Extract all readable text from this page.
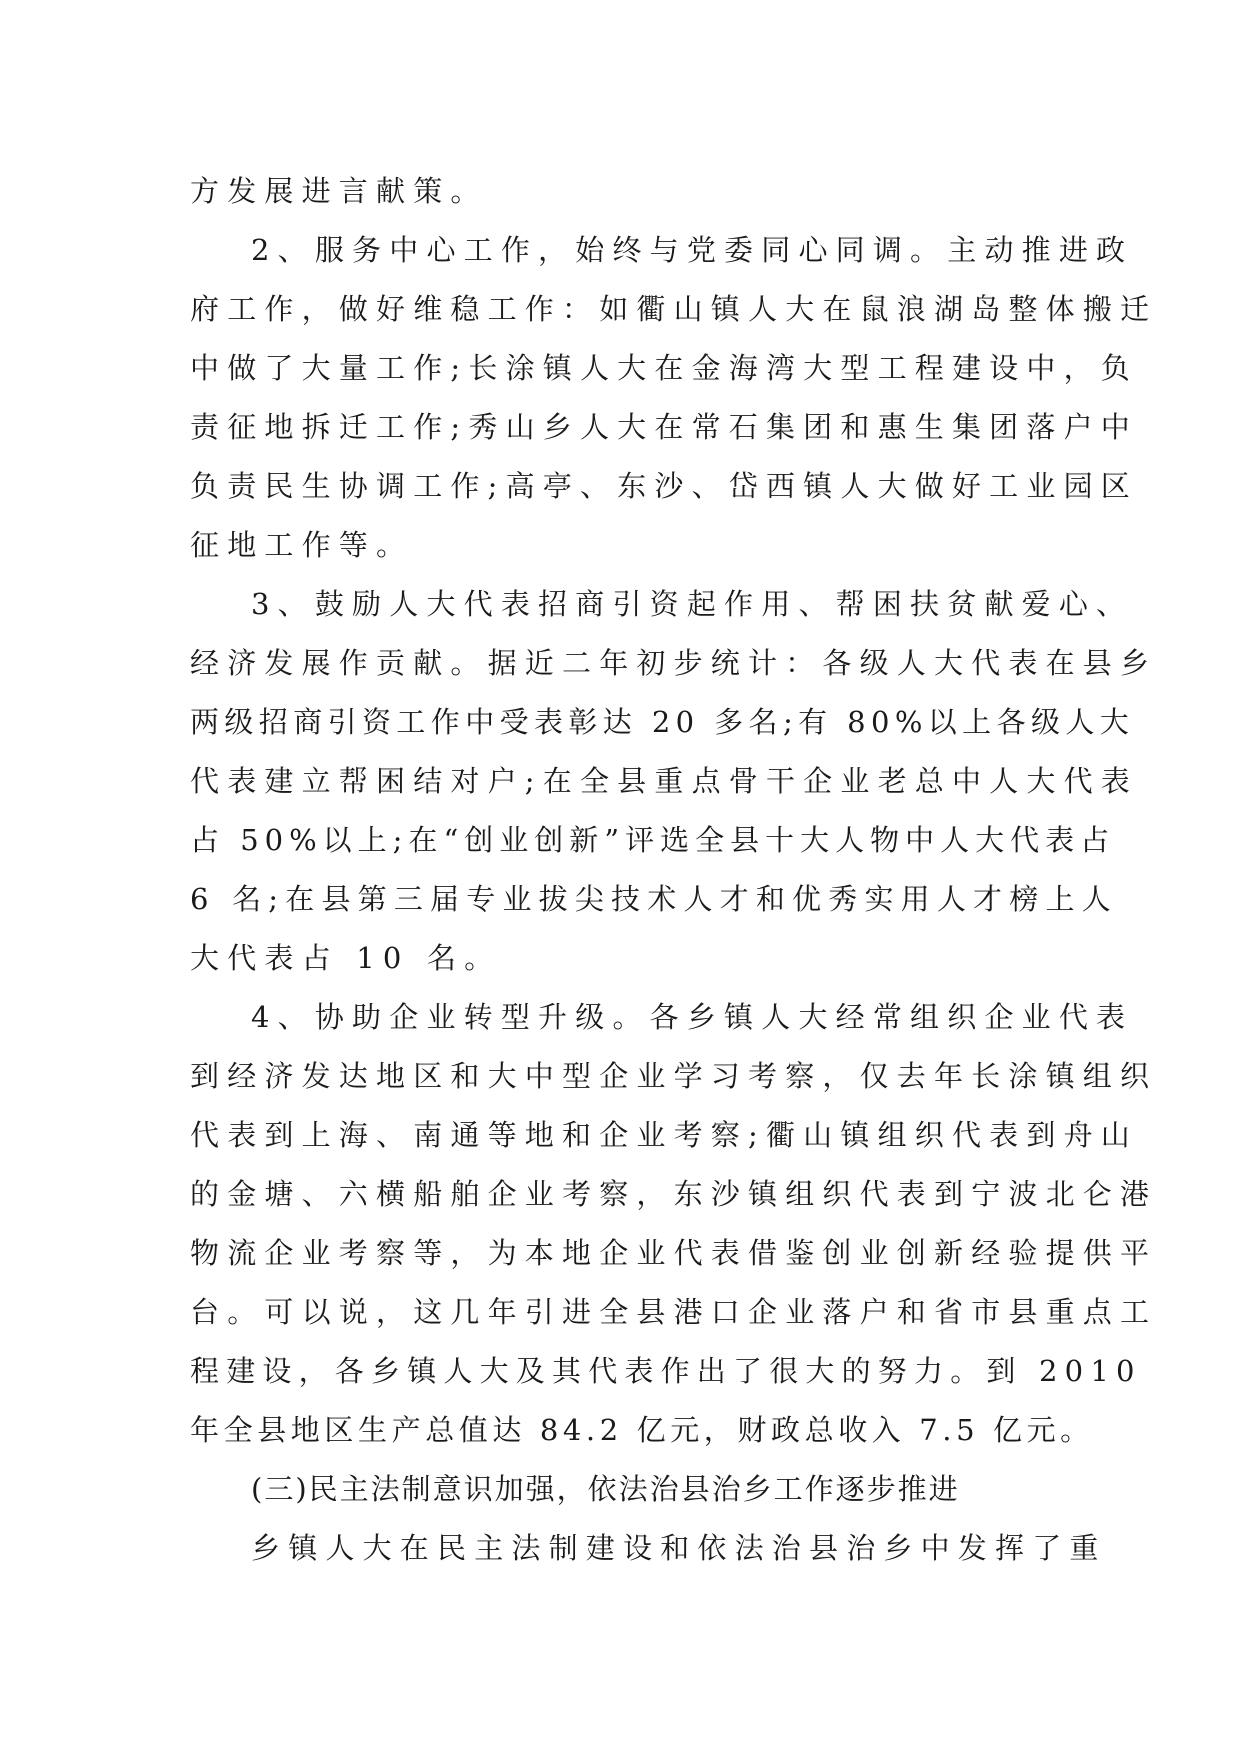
方发展进言献策。
2、服务中心工作，始终与党委同心同调。主动推进政
府工作，做好维稳工作：如衢山镇人大在鼠浪湖岛整体搬迁
中做了大量工作;长涂镇人大在金海湾大型工程建设中，负
责征地拆迁工作;秀山乡人大在常石集团和惠生集团落户中
负责民生协调工作;高亭、东沙、岱西镇人大做好工业园区
征地工作等。
3、鼓励人大代表招商引资起作用、帮困扶贫献爱心、
经济发展作贡献。据近二年初步统计：各级人大代表在县乡
两级招商引资工作中受表彰达 20 多名;有 80%以上各级人大
代表建立帮困结对户;在全县重点骨干企业老总中人大代表
占 50%以上;在“创业创新”评选全县十大人物中人大代表占
6 名;在县第三届专业拔尖技术人才和优秀实用人才榜上人
大代表占 10 名。
4、协助企业转型升级。各乡镇人大经常组织企业代表
到经济发达地区和大中型企业学习考察，仅去年长涂镇组织
代表到上海、南通等地和企业考察;衢山镇组织代表到舟山
的金塘、六横船舶企业考察，东沙镇组织代表到宁波北仑港
物流企业考察等，为本地企业代表借鉴创业创新经验提供平
台。可以说，这几年引进全县港口企业落户和省市县重点工
程建设，各乡镇人大及其代表作出了很大的努力。到 2010
年全县地区生产总值达 84.2 亿元，财政总收入 7.5 亿元。
(三)民主法制意识加强，依法治县治乡工作逐步推进
乡镇人大在民主法制建设和依法治县治乡中发挥了重
